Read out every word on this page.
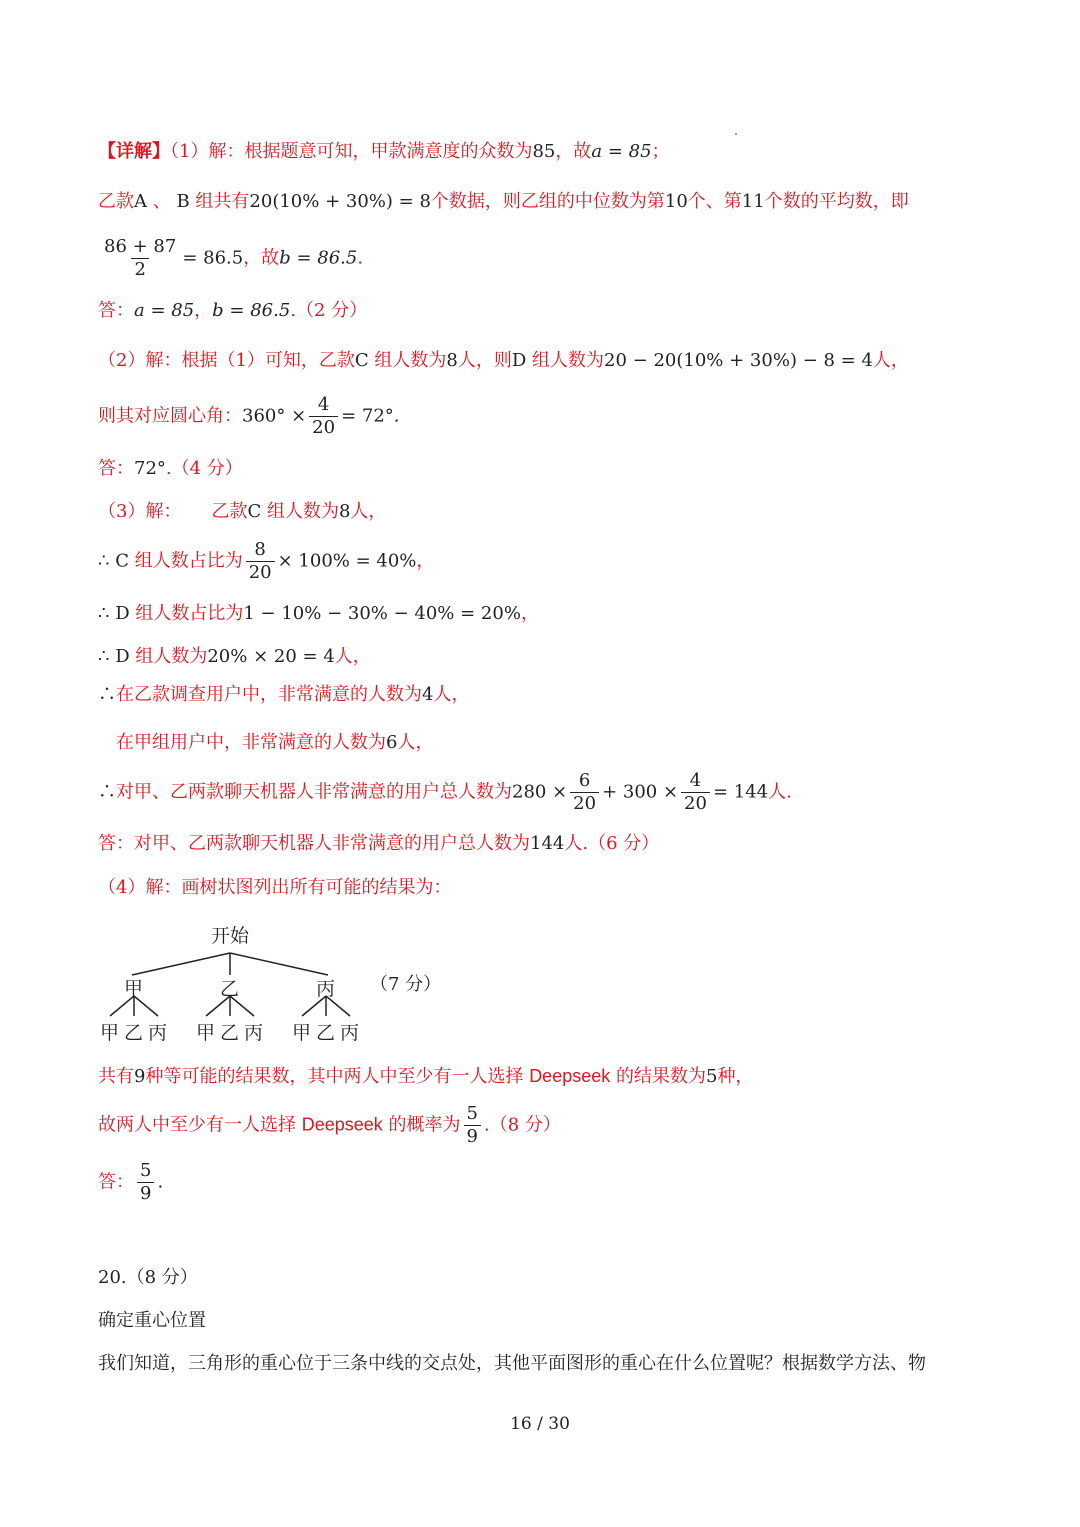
【详解】（1）解：根据题意可知，甲款满意度的众数为85，故a = 85；
乙款A 、 B 组共有20(10% + 30%) = 8个数据，则乙组的中位数为第10个、第11个数的平均数，即
$\frac{86 + 87}{2} = 86.5$，故b = 86.5.
答：a = 85，b = 86.5.（2 分）
（2）解：根据（1）可知，乙款C 组人数为8人，则D 组人数为20 − 20(10% + 30%) − 8 = 4人，
则其对应圆心角：$360^\circ \times \frac{4}{20} = 72^\circ$.
答：72°.（4 分）
（3）解： 乙款C 组人数为8人，
∴ C 组人数占比为 $\frac{8}{20} \times 100\% = 40\%$，
∴ D 组人数占比为1 − 10% − 30% − 40% = 20%，
∴ D 组人数为20% × 20 = 4人，
∴在乙款调查用户中，非常满意的人数为4人，
在甲组用户中，非常满意的人数为6人，
∴对甲、乙两款聊天机器人非常满意的用户总人数为$280 \times \frac{6}{20} + 300 \times \frac{4}{20} = 144$人.
答：对甲、乙两款聊天机器人非常满意的用户总人数为144人.（6 分）
（4）解：画树状图列出所有可能的结果为：
开始
甲	乙	丙
甲 乙 丙 甲 乙 丙 甲 乙 丙
（7 分）
共有9种等可能的结果数，其中两人中至少有一人选择 Deepseek 的结果数为5种，
故两人中至少有一人选择 Deepseek 的概率为 $\frac{5}{9} .(8$ 分）
答： $\frac{5}{9}$ .
20.（8 分）
确定重心位置
我们知道，三角形的重心位于三条中线的交点处，其他平面图形的重心在什么位置呢？根据数学方法、物
16 / 30
